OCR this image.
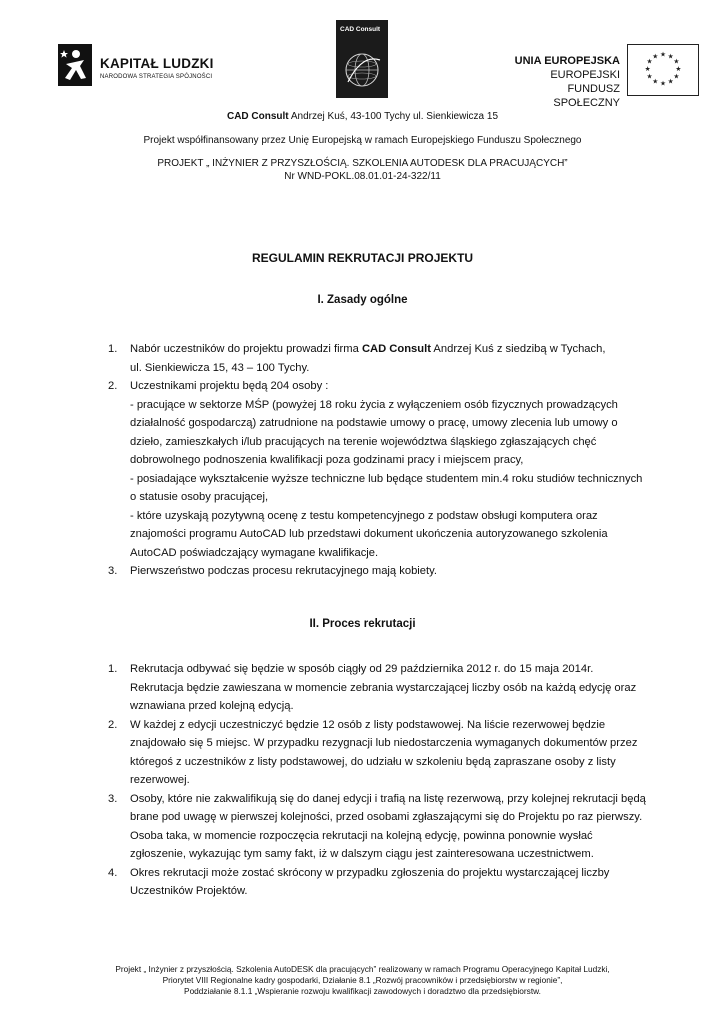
KAPITAŁ LUDZKI
NARODOWA STRATEGIA SPÓJNOŚCI
CAD Consult
UNIA EUROPEJSKA
EUROPEJSKI
FUNDUSZ SPOŁECZNY
★ ★
★
★
★
★
★
★
★
★
★
★
CAD Consult Andrzej Kuś, 43-100 Tychy ul. Sienkiewicza 15
Projekt współfinansowany przez Unię Europejską w ramach Europejskiego Funduszu Społecznego
PROJEKT „ INŻYNIER Z PRZYSZŁOŚCIĄ. SZKOLENIA AUTODESK DLA PRACUJĄCYCH”
Nr WND-POKL.08.01.01-24-322/11
REGULAMIN REKRUTACJI PROJEKTU
I. Zasady ogólne
1. Nabór uczestników do projektu prowadzi firma CAD Consult Andrzej Kuś z siedzibą w Tychach,
ul. Sienkiewicza 15, 43 – 100 Tychy.
2. Uczestnikami projektu będą 204 osoby :
- pracujące w sektorze MŚP (powyżej 18 roku życia z wyłączeniem osób fizycznych prowadzących
działalność gospodarczą) zatrudnione na podstawie umowy o pracę, umowy zlecenia lub umowy o
dzieło, zamieszkałych i/lub pracujących na terenie województwa śląskiego zgłaszających chęć
dobrowolnego podnoszenia kwalifikacji poza godzinami pracy i miejscem pracy,
- posiadające wykształcenie wyższe techniczne lub będące studentem min.4 roku studiów technicznych
o statusie osoby pracującej,
- które uzyskają pozytywną ocenę z testu kompetencyjnego z podstaw obsługi komputera oraz
znajomości programu AutoCAD lub przedstawi dokument ukończenia autoryzowanego szkolenia
AutoCAD poświadczający wymagane kwalifikacje.
3. Pierwszeństwo podczas procesu rekrutacyjnego mają kobiety.
II. Proces rekrutacji
1. Rekrutacja odbywać się będzie w sposób ciągły od 29 października 2012 r. do 15 maja 2014r.
Rekrutacja będzie zawieszana w momencie zebrania wystarczającej liczby osób na każdą edycję oraz
wznawiana przed kolejną edycją.
2. W każdej z edycji uczestniczyć będzie 12 osób z listy podstawowej. Na liście rezerwowej będzie
znajdowało się 5 miejsc. W przypadku rezygnacji lub niedostarczenia wymaganych dokumentów przez
któregoś z uczestników z listy podstawowej, do udziału w szkoleniu będą zapraszane osoby z listy
rezerwowej.
3. Osoby, które nie zakwalifikują się do danej edycji i trafią na listę rezerwową, przy kolejnej rekrutacji będą
brane pod uwagę w pierwszej kolejności, przed osobami zgłaszającymi się do Projektu po raz pierwszy.
Osoba taka, w momencie rozpoczęcia rekrutacji na kolejną edycję, powinna ponownie wysłać
zgłoszenie, wykazując tym samy fakt, iż w dalszym ciągu jest zainteresowana uczestnictwem.
4. Okres rekrutacji może zostać skrócony w przypadku zgłoszenia do projektu wystarczającej liczby
Uczestników Projektów.
Projekt „ Inżynier z przyszłością. Szkolenia AutoDESK dla pracujących” realizowany w ramach Programu Operacyjnego Kapitał Ludzki,
Priorytet VIII Regionalne kadry gospodarki, Działanie 8.1 „Rozwój pracowników i przedsiębiorstw w regionie”,
Poddziałanie 8.1.1 „Wspieranie rozwoju kwalifikacji zawodowych i doradztwo dla przedsiębiorstw.
